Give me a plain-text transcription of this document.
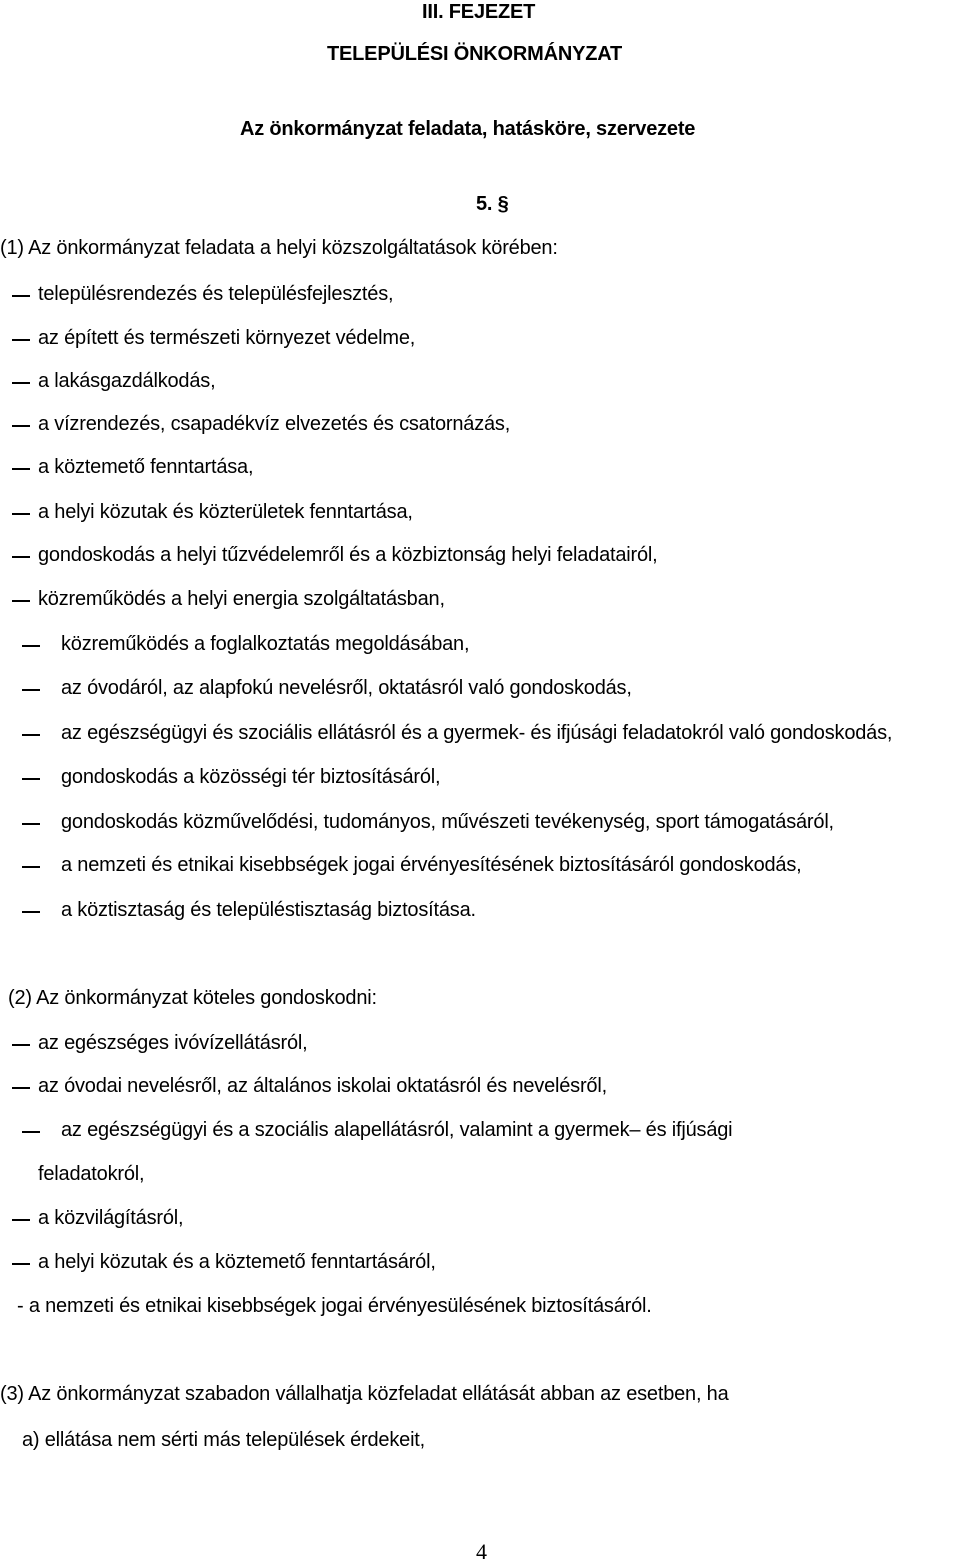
III. FEJEZET
TELEPÜLÉSI ÖNKORMÁNYZAT
Az önkormányzat feladata, hatásköre, szervezete
5. §
(1) Az önkormányzat feladata a helyi közszolgáltatások körében:
településrendezés és településfejlesztés,
az épített és természeti környezet védelme,
a lakásgazdálkodás,
a vízrendezés, csapadékvíz elvezetés és csatornázás,
a köztemető fenntartása,
a helyi közutak és közterületek fenntartása,
gondoskodás a helyi tűzvédelemről és a közbiztonság helyi feladatairól,
közreműködés a helyi energia szolgáltatásban,
közreműködés a foglalkoztatás megoldásában,
az óvodáról, az alapfokú nevelésről, oktatásról való gondoskodás,
az egészségügyi és szociális ellátásról és a gyermek- és ifjúsági feladatokról való gondoskodás,
gondoskodás a közösségi tér biztosításáról,
gondoskodás közművelődési, tudományos, művészeti tevékenység, sport támogatásáról,
a nemzeti és etnikai kisebbségek jogai érvényesítésének biztosításáról gondoskodás,
a köztisztaság és településtisztaság biztosítása.
(2) Az önkormányzat köteles gondoskodni:
az egészséges ivóvízellátásról,
az óvodai nevelésről, az általános iskolai oktatásról és nevelésről,
az egészségügyi és a szociális alapellátásról, valamint a gyermek– és ifjúsági
feladatokról,
a közvilágításról,
a helyi közutak és a köztemető fenntartásáról,
- a nemzeti és etnikai kisebbségek jogai érvényesülésének biztosításáról.
(3) Az önkormányzat szabadon vállalhatja közfeladat ellátását abban az esetben, ha
a) ellátása nem sérti más települések érdekeit,
4
